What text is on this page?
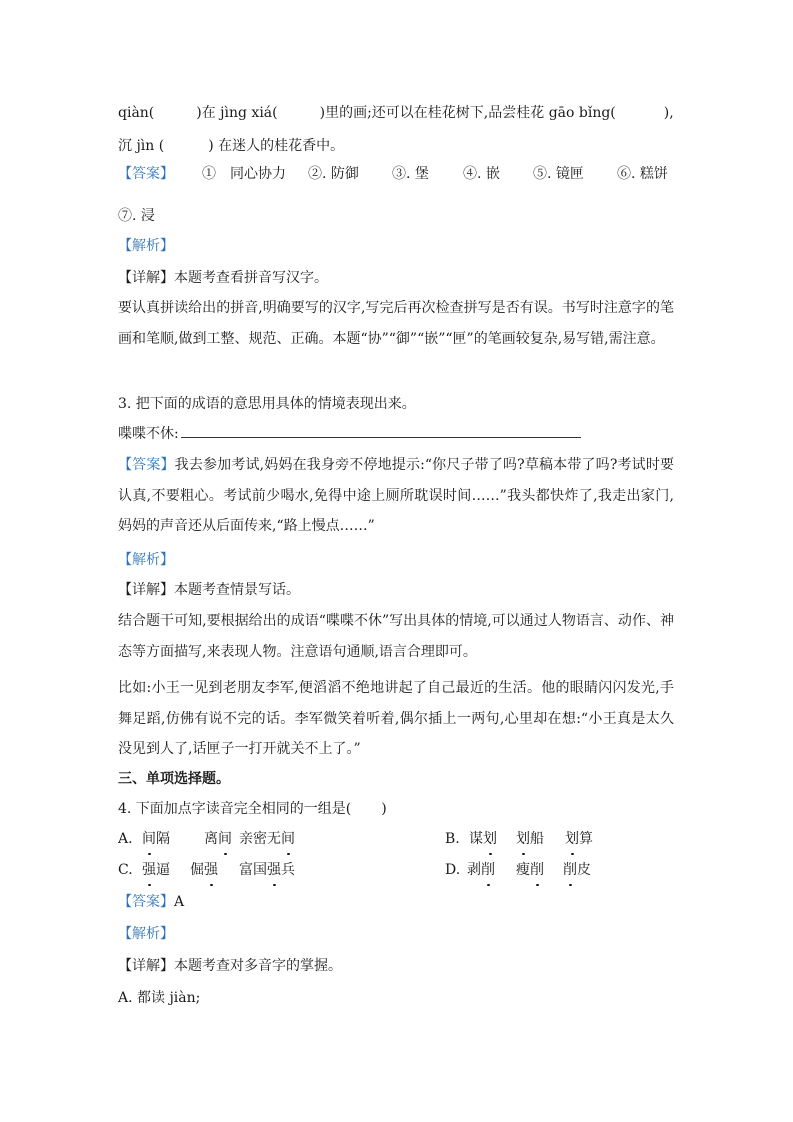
qiàn(	)在 jìng xiá(	)里的画;还可以在桂花树下,品尝桂花 gāo bǐng(	),
沉 jìn (	) 在迷人的桂花香中。
【答案】 ①　同心协力 ②. 防御 ③. 堡 ④. 嵌 ⑤. 镜匣 ⑥. 糕饼
⑦. 浸
【解析】
【详解】本题考查看拼音写汉字。
要认真拼读给出的拼音,明确要写的汉字,写完后再次检查拼写是否有误。书写时注意字的笔画和笔顺,做到工整、规范、正确。本题“协”“御”“嵌”“匣”的笔画较复杂,易写错,需注意。
3. 把下面的成语的意思用具体的情境表现出来。
喋喋不休:
【答案】我去参加考试,妈妈在我身旁不停地提示:“你尺子带了吗?草稿本带了吗?考试时要认真,不要粗心。考试前少喝水,免得中途上厕所耽误时间……”我头都快炸了,我走出家门,妈妈的声音还从后面传来,“路上慢点……”
【解析】
【详解】本题考查情景写话。
结合题干可知,要根据给出的成语“喋喋不休”写出具体的情境,可以通过人物语言、动作、神态等方面描写,来表现人物。注意语句通顺,语言合理即可。
比如:小王一见到老朋友李军,便滔滔不绝地讲起了自己最近的生活。他的眼睛闪闪发光,手舞足蹈,仿佛有说不完的话。李军微笑着听着,偶尔插上一两句,心里却在想:“小王真是太久没见到人了,话匣子一打开就关不上了。”
三、单项选择题。
4. 下面加点字读音完全相同的一组是( )
A. 间隔 离间 亲密无间	B. 谋划 划船 划算
C. 强逼 倔强 富国强兵	D. 剥削 瘦削 削皮
【答案】A
【解析】
【详解】本题考查对多音字的掌握。
A. 都读 jiàn;
